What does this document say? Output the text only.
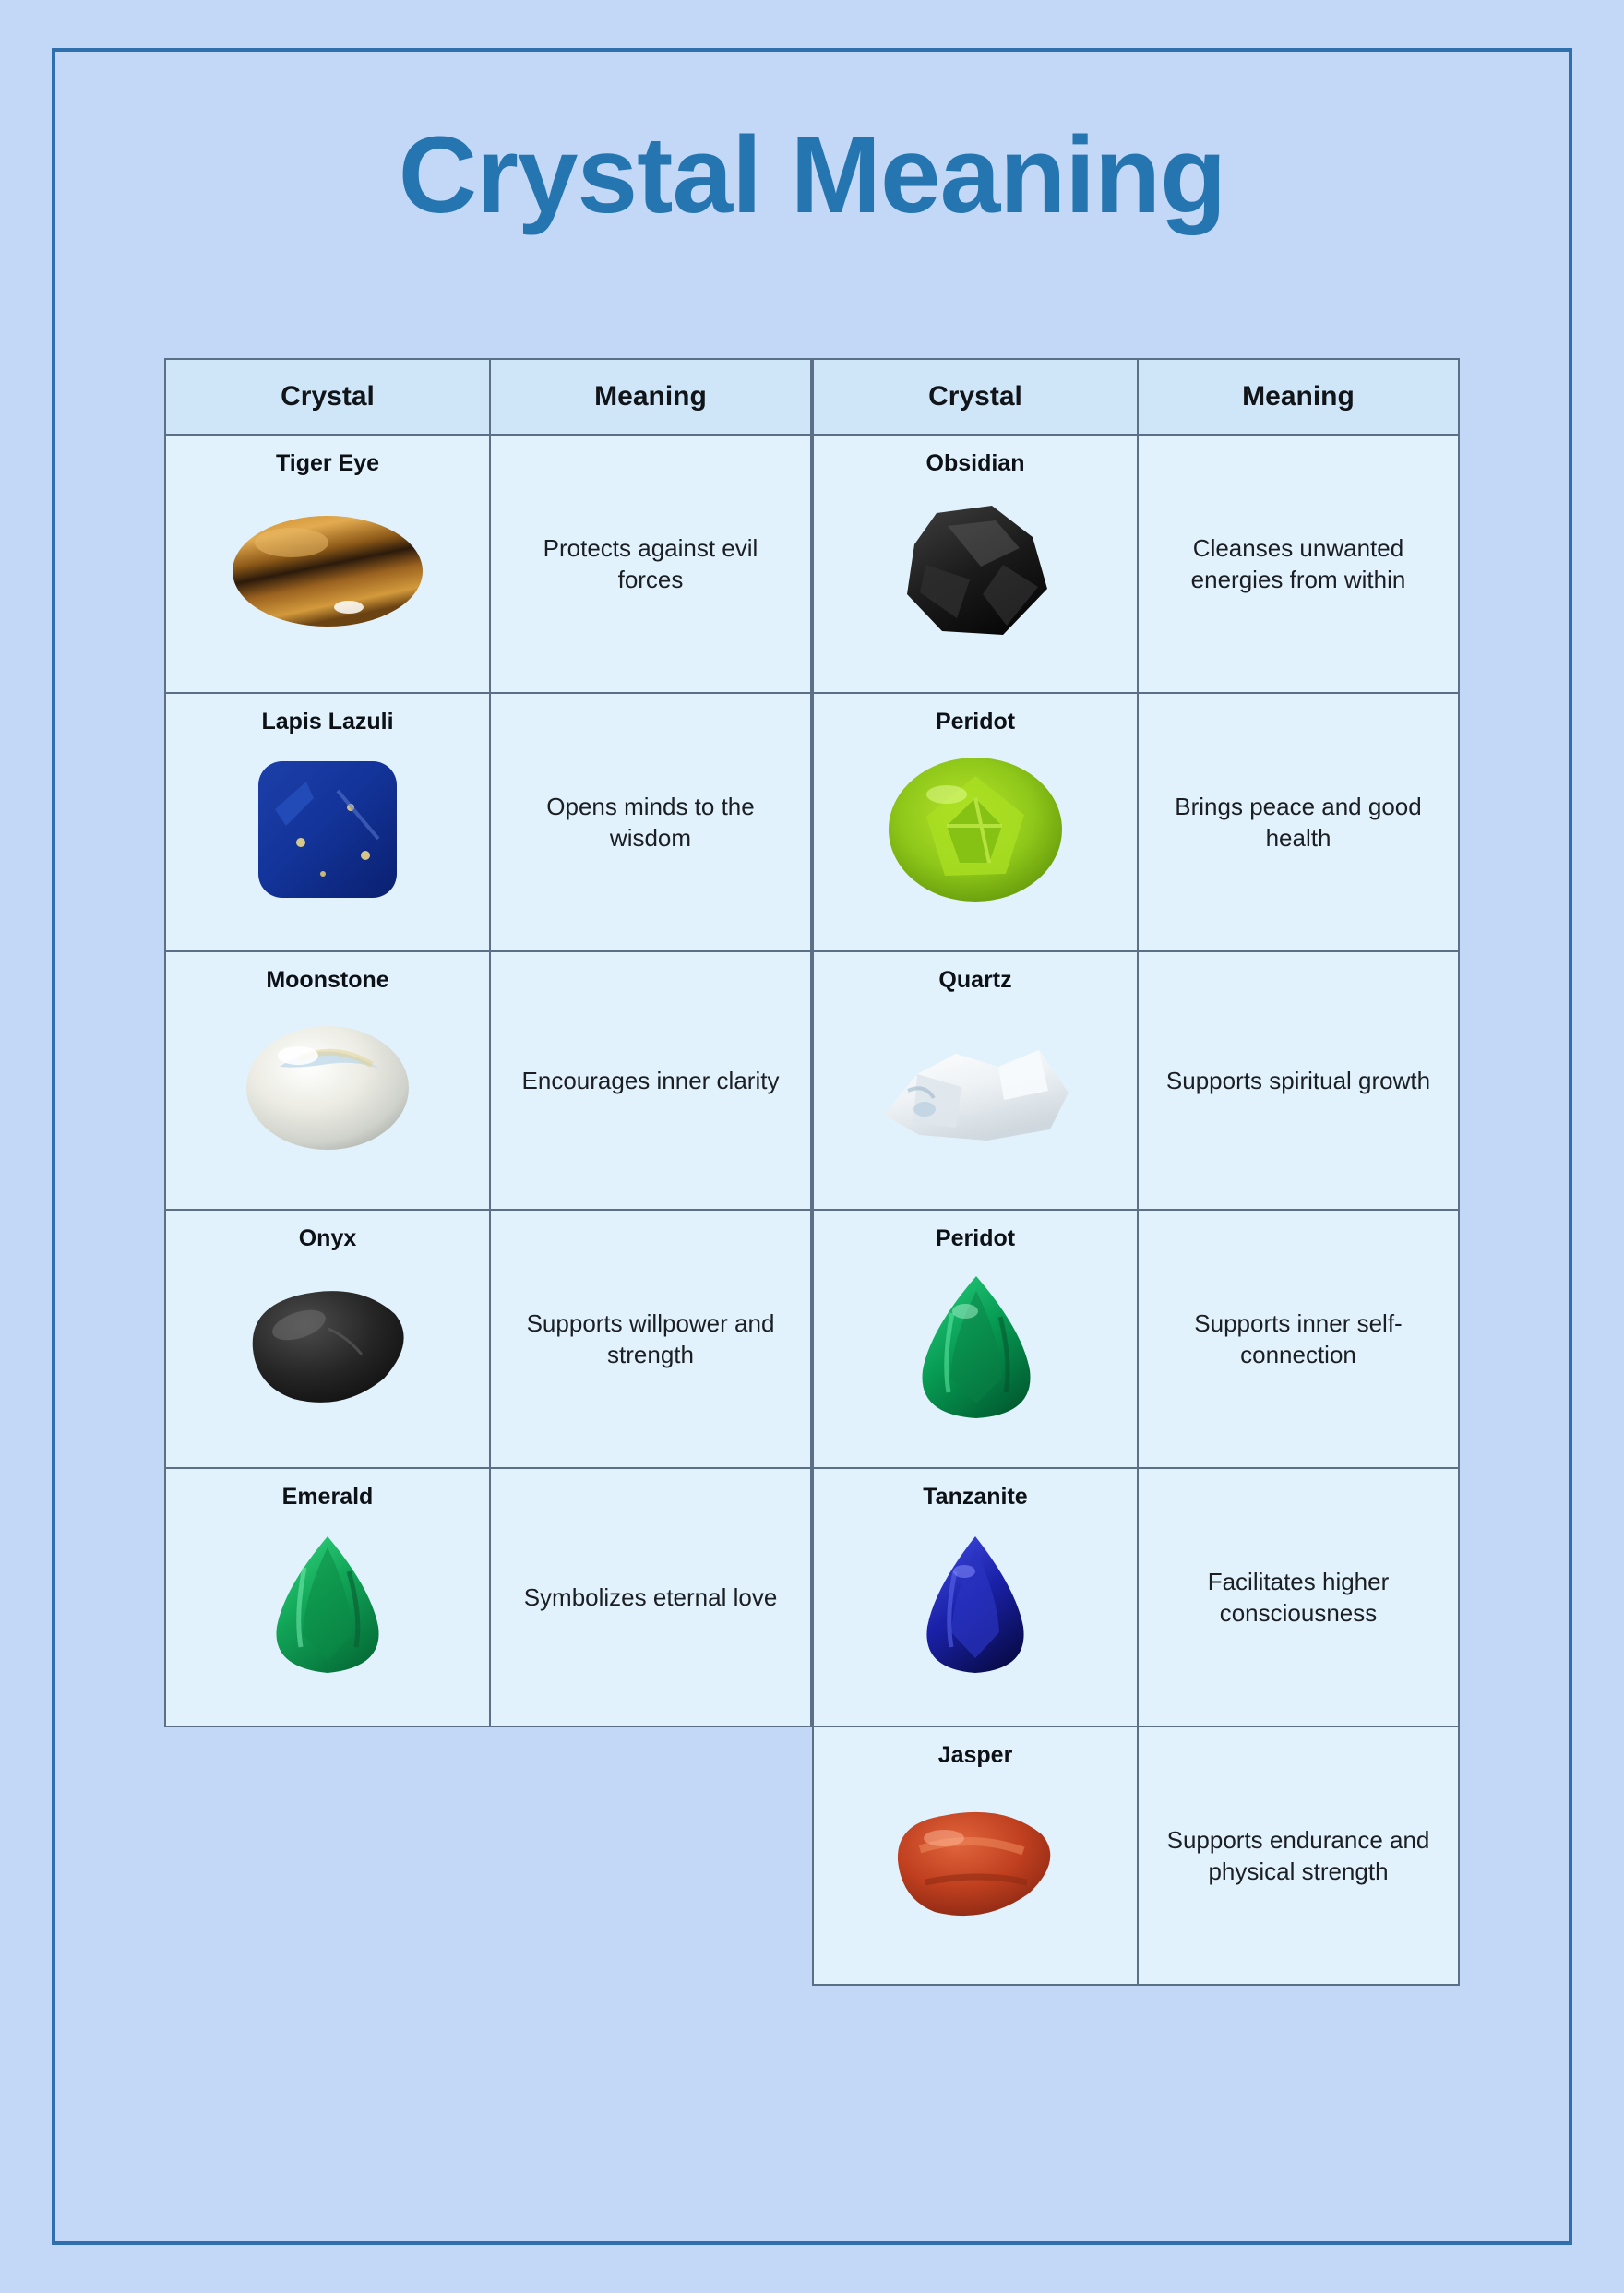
Crystal Meaning
Crystal	Meaning

Tiger Eye	Protects against evil forces

Lapis Lazuli	Opens minds to the wisdom

Moonstone	Encourages inner clarity

Onyx	Supports willpower and strength

Emerald	Symbolizes eternal love
Crystal	Meaning

Obsidian	Cleanses unwanted energies from within

Peridot	Brings peace and good health

Quartz	Supports spiritual growth

Peridot	Supports inner self-connection

Tanzanite	Facilitates higher consciousness

Jasper	Supports endurance and physical strength
